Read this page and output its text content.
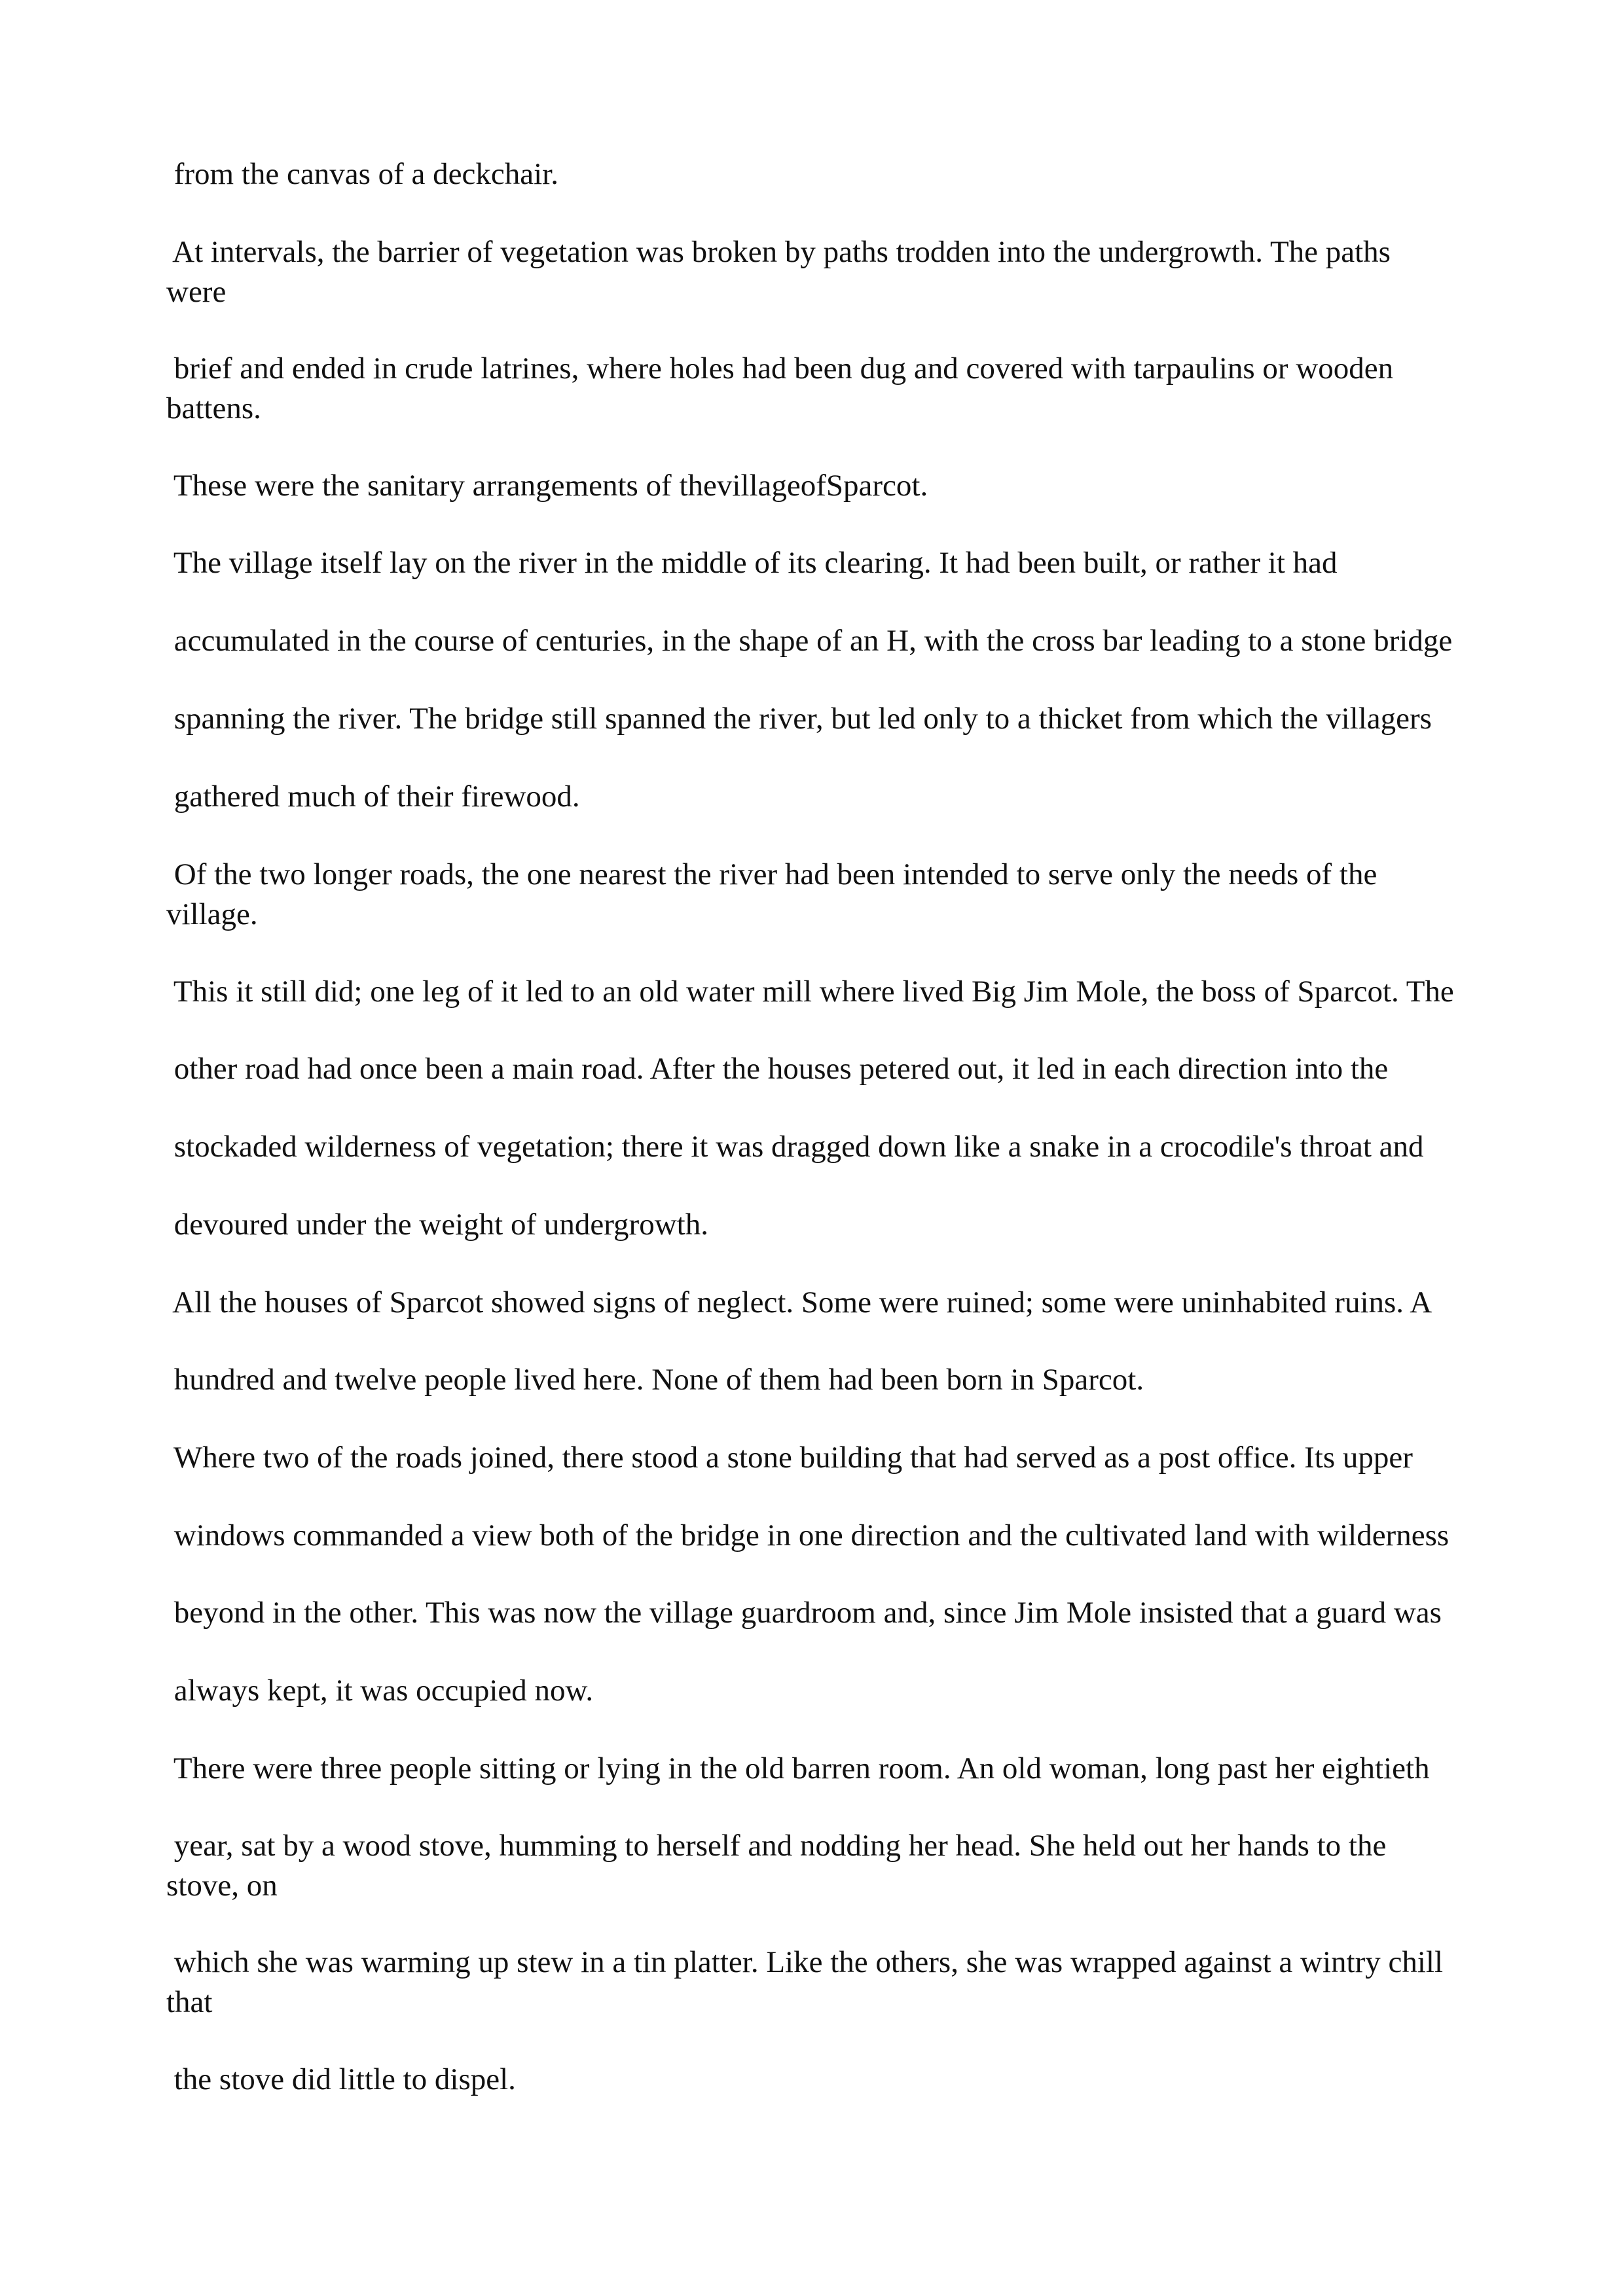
from the canvas of a deckchair.

At intervals, the barrier of vegetation was broken by paths trodden into the undergrowth. The paths

were

brief and ended in crude latrines, where holes had been dug and covered with tarpaulins or wooden

battens.

These were the sanitary arrangements of thevillageofSparcot.

The village itself lay on the river in the middle of its clearing. It had been built, or rather it had

accumulated in the course of centuries, in the shape of an H, with the cross bar leading to a stone bridge

spanning the river. The bridge still spanned the river, but led only to a thicket from which the villagers

gathered much of their firewood.

Of the two longer roads, the one nearest the river had been intended to serve only the needs of the

village.

This it still did; one leg of it led to an old water mill where lived Big Jim Mole, the boss of Sparcot. The

other road had once been a main road. After the houses petered out, it led in each direction into the

stockaded wilderness of vegetation; there it was dragged down like a snake in a crocodile's throat and

devoured under the weight of undergrowth.

All the houses of Sparcot showed signs of neglect. Some were ruined; some were uninhabited ruins. A

hundred and twelve people lived here. None of them had been born in Sparcot.

Where two of the roads joined, there stood a stone building that had served as a post office. Its upper

windows commanded a view both of the bridge in one direction and the cultivated land with wilderness

beyond in the other. This was now the village guardroom and, since Jim Mole insisted that a guard was

always kept, it was occupied now.

There were three people sitting or lying in the old barren room. An old woman, long past her eightieth

year, sat by a wood stove, humming to herself and nodding her head. She held out her hands to the

stove, on

which she was warming up stew in a tin platter. Like the others, she was wrapped against a wintry chill

that

the stove did little to dispel.
